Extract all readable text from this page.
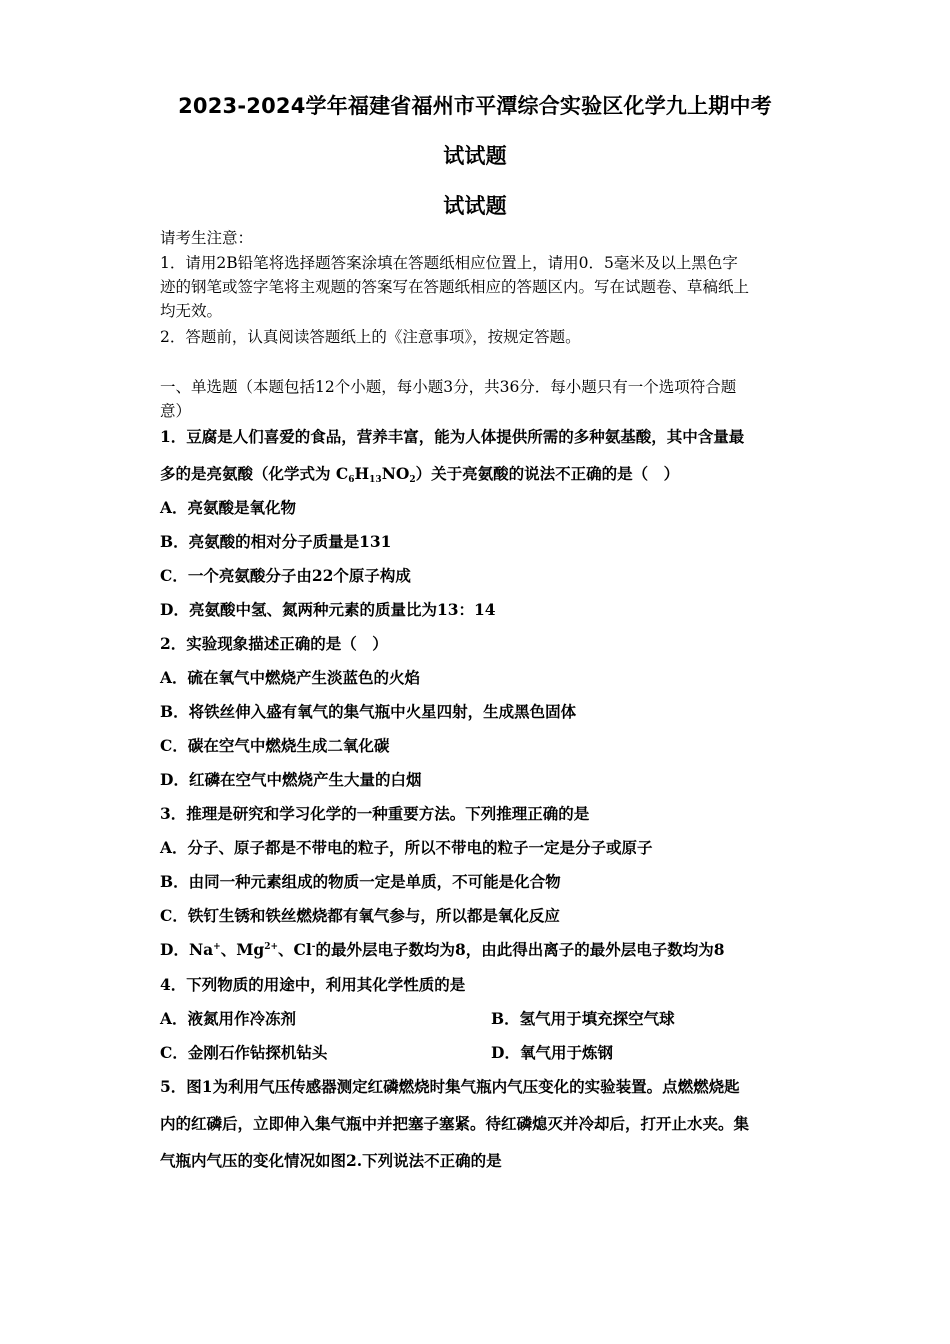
2023-2024学年福建省福州市平潭综合实验区化学九上期中考
试试题
试试题
请考生注意：
1．请用2B铅笔将选择题答案涂填在答题纸相应位置上，请用0．5毫米及以上黑色字
迹的钢笔或签字笔将主观题的答案写在答题纸相应的答题区内。写在试题卷、草稿纸上
均无效。
2．答题前，认真阅读答题纸上的《注意事项》，按规定答题。
一、单选题（本题包括12个小题，每小题3分，共36分．每小题只有一个选项符合题
意）
1．豆腐是人们喜爱的食品，营养丰富，能为人体提供所需的多种氨基酸，其中含量最
多的是亮氨酸（化学式为 $C_6H_{13}NO_2$）关于亮氨酸的说法不正确的是（　）
A．亮氨酸是氧化物
B．亮氨酸的相对分子质量是131
C．一个亮氨酸分子由22个原子构成
D．亮氨酸中氢、氮两种元素的质量比为13：14
2．实验现象描述正确的是（　）
A．硫在氧气中燃烧产生淡蓝色的火焰
B．将铁丝伸入盛有氧气的集气瓶中火星四射，生成黑色固体
C．碳在空气中燃烧生成二氧化碳
D．红磷在空气中燃烧产生大量的白烟
3．推理是研究和学习化学的一种重要方法。下列推理正确的是
A．分子、原子都是不带电的粒子，所以不带电的粒子一定是分子或原子
B．由同一种元素组成的物质一定是单质，不可能是化合物
C．铁钉生锈和铁丝燃烧都有氧气参与，所以都是氧化反应
D．Na+、$Mg^{2+}$、Cl-的最外层电子数均为8，由此得出离子的最外层电子数均为8
4．下列物质的用途中，利用其化学性质的是
A．液氮用作冷冻剂	B．氢气用于填充探空气球
C．金刚石作钻探机钻头	D．氧气用于炼钢
5．图1为利用气压传感器测定红磷燃烧时集气瓶内气压变化的实验装置。点燃燃烧匙
内的红磷后，立即伸入集气瓶中并把塞子塞紧。待红磷熄灭并冷却后，打开止水夹。集
气瓶内气压的变化情况如图2.下列说法不正确的是
